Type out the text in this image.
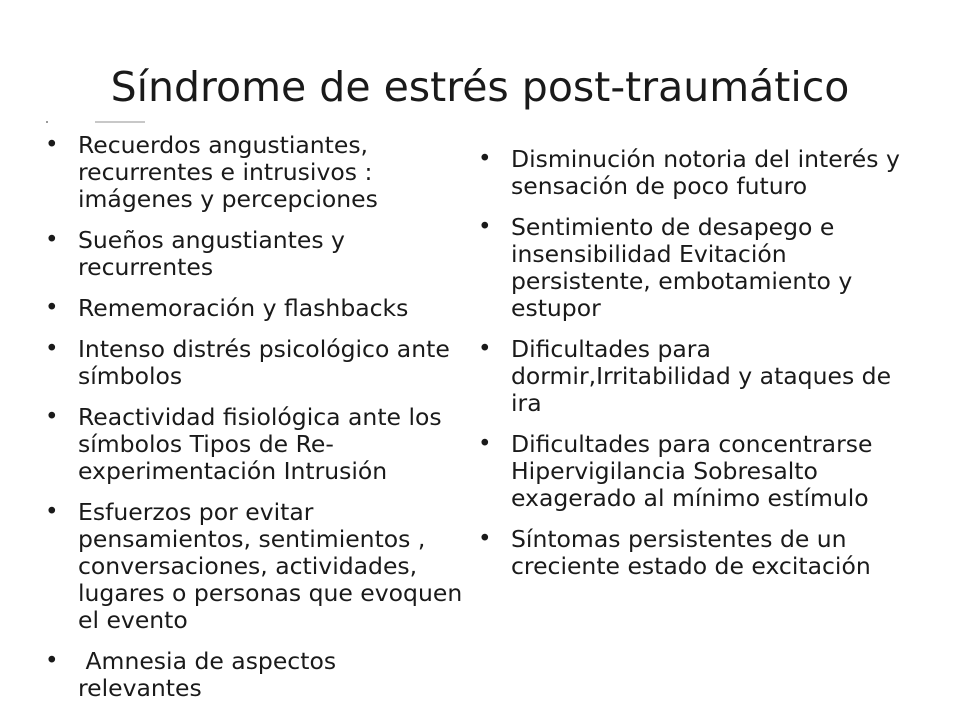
Síndrome de estrés post-traumático
• Recuerdos angustiantes, recurrentes e intrusivos : imágenes y percepciones
• Sueños angustiantes y recurrentes
• Rememoración y flashbacks
• Intenso distrés psicológico ante símbolos
• Reactividad fisiológica ante los símbolos Tipos de Re-experimentación Intrusión
• Esfuerzos por evitar pensamientos, sentimientos , conversaciones, actividades, lugares o personas que evoquen el evento
• Amnesia de aspectos relevantes
• Disminución notoria del interés y sensación de poco futuro
• Sentimiento de desapego e insensibilidad Evitación persistente, embotamiento y estupor
• Dificultades para dormir,Irritabilidad y ataques de ira
• Dificultades para concentrarse Hipervigilancia Sobresalto exagerado al mínimo estímulo
• Síntomas persistentes de un creciente estado de excitación
